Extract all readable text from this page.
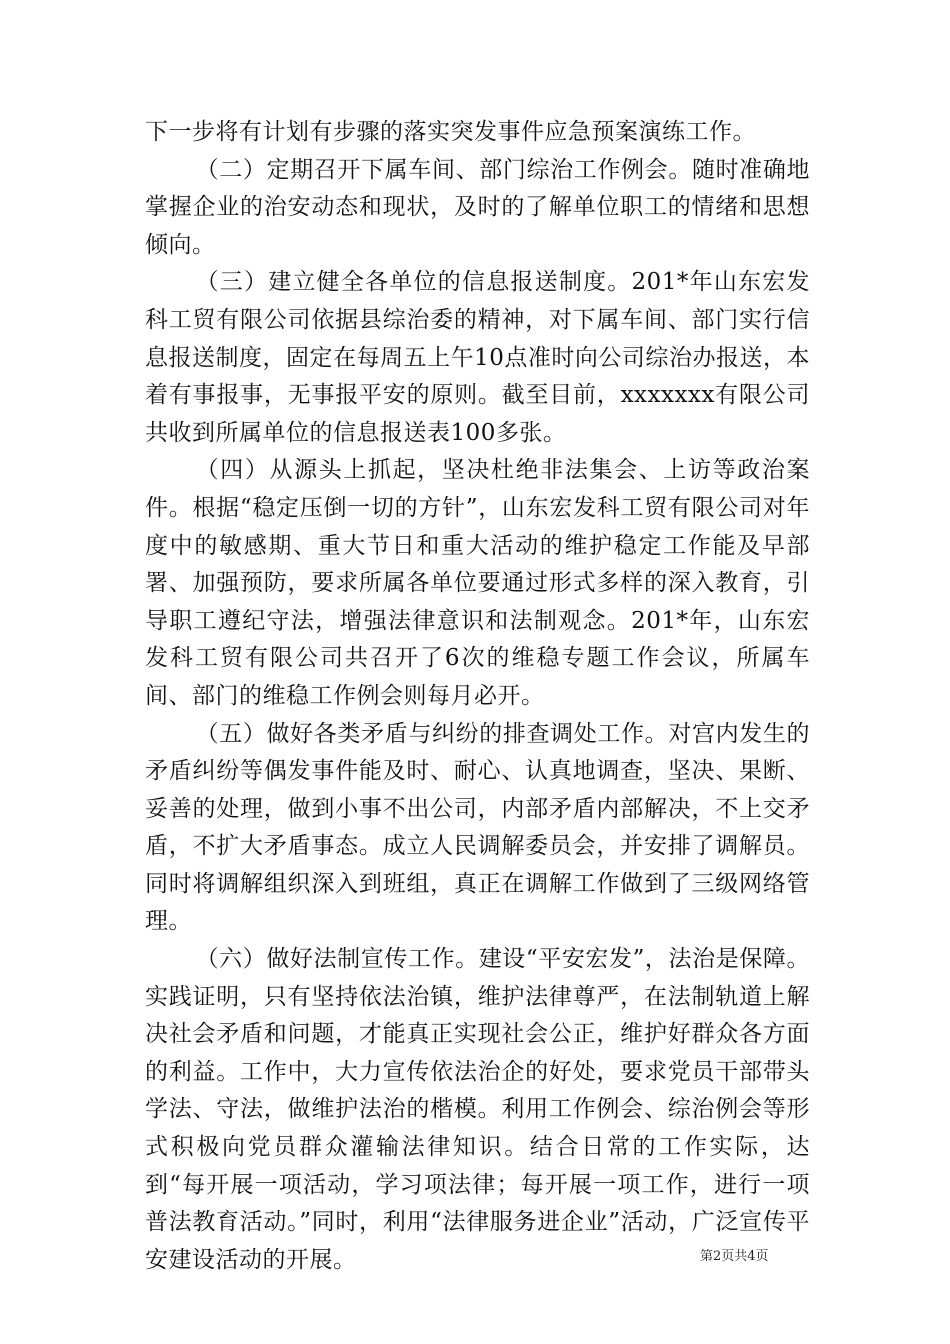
下一步将有计划有步骤的落实突发事件应急预案演练工作。

（二）定期召开下属车间、部门综治工作例会。随时准确地掌握企业的治安动态和现状，及时的了解单位职工的情绪和思想倾向。

（三）建立健全各单位的信息报送制度。201*年山东宏发科工贸有限公司依据县综治委的精神，对下属车间、部门实行信息报送制度，固定在每周五上午10点准时向公司综治办报送，本着有事报事，无事报平安的原则。截至目前，xxxxxxx有限公司共收到所属单位的信息报送表100多张。

（四）从源头上抓起，坚决杜绝非法集会、上访等政治案件。根据“稳定压倒一切的方针”，山东宏发科工贸有限公司对年度中的敏感期、重大节日和重大活动的维护稳定工作能及早部署、加强预防，要求所属各单位要通过形式多样的深入教育，引导职工遵纪守法，增强法律意识和法制观念。201*年，山东宏发科工贸有限公司共召开了6次的维稳专题工作会议，所属车间、部门的维稳工作例会则每月必开。

（五）做好各类矛盾与纠纷的排查调处工作。对宫内发生的矛盾纠纷等偶发事件能及时、耐心、认真地调查，坚决、果断、妥善的处理，做到小事不出公司，内部矛盾内部解决，不上交矛盾，不扩大矛盾事态。成立人民调解委员会，并安排了调解员。同时将调解组织深入到班组，真正在调解工作做到了三级网络管理。

（六）做好法制宣传工作。建设“平安宏发”，法治是保障。实践证明，只有坚持依法治镇，维护法律尊严，在法制轨道上解决社会矛盾和问题，才能真正实现社会公正，维护好群众各方面的利益。工作中，大力宣传依法治企的好处，要求党员干部带头学法、守法，做维护法治的楷模。利用工作例会、综治例会等形式积极向党员群众灌输法律知识。结合日常的工作实际，达到“每开展一项活动，学习项法律；每开展一项工作，进行一项普法教育活动。”同时，利用“法律服务进企业”活动，广泛宣传平安建设活动的开展。	第2页共4页
